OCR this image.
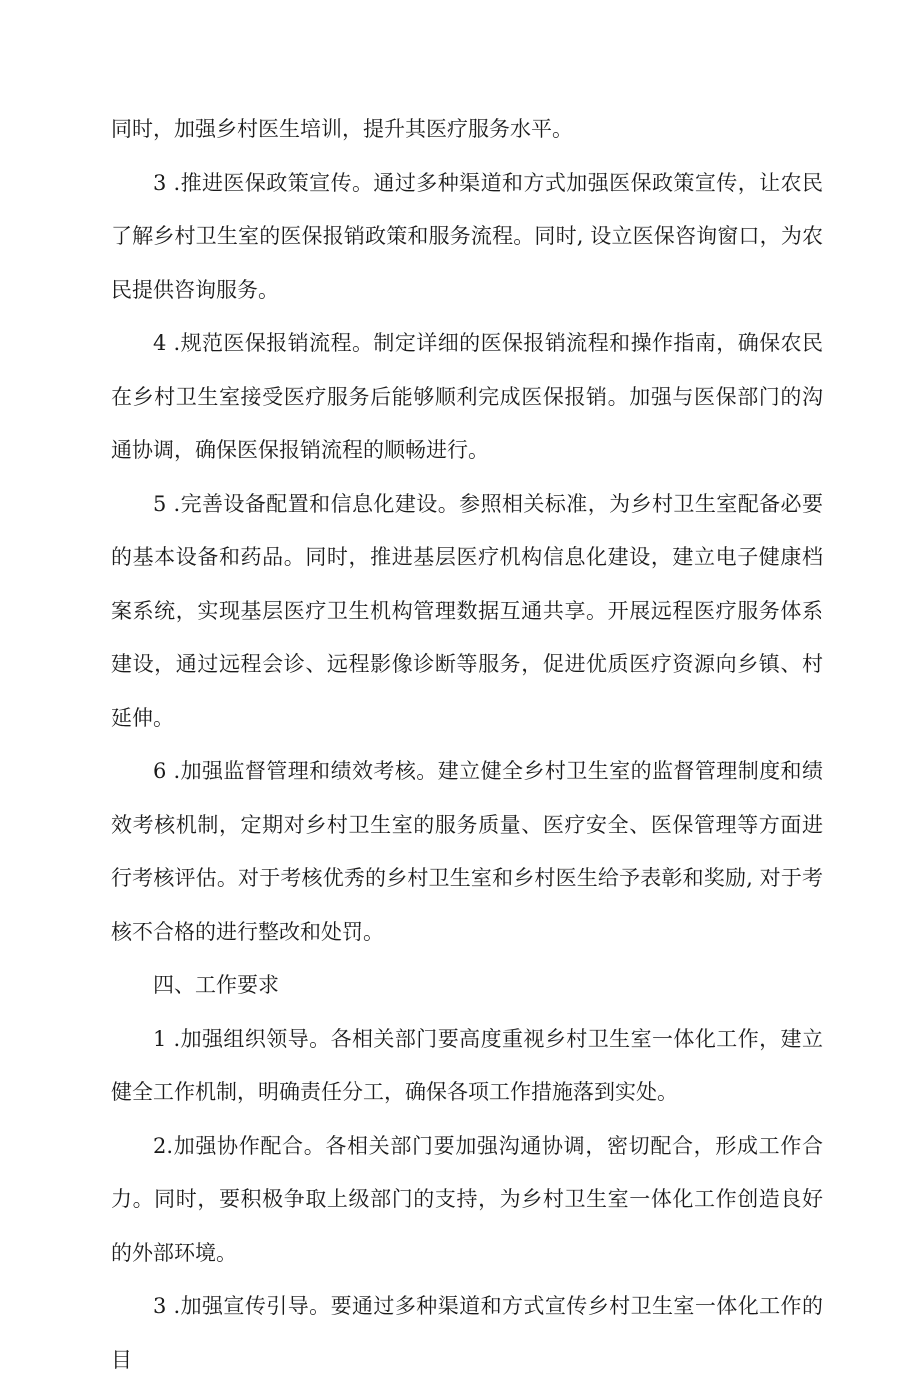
同时，加强乡村医生培训，提升其医疗服务水平。

3 .推进医保政策宣传。通过多种渠道和方式加强医保政策宣传，让农民了解乡村卫生室的医保报销政策和服务流程。同时, 设立医保咨询窗口，为农民提供咨询服务。

4 .规范医保报销流程。制定详细的医保报销流程和操作指南，确保农民在乡村卫生室接受医疗服务后能够顺利完成医保报销。加强与医保部门的沟通协调，确保医保报销流程的顺畅进行。

5 .完善设备配置和信息化建设。参照相关标准，为乡村卫生室配备必要的基本设备和药品。同时，推进基层医疗机构信息化建设，建立电子健康档案系统，实现基层医疗卫生机构管理数据互通共享。开展远程医疗服务体系建设，通过远程会诊、远程影像诊断等服务，促进优质医疗资源向乡镇、村延伸。

6 .加强监督管理和绩效考核。建立健全乡村卫生室的监督管理制度和绩效考核机制，定期对乡村卫生室的服务质量、医疗安全、医保管理等方面进行考核评估。对于考核优秀的乡村卫生室和乡村医生给予表彰和奖励, 对于考核不合格的进行整改和处罚。

四、工作要求

1 .加强组织领导。各相关部门要高度重视乡村卫生室一体化工作，建立健全工作机制，明确责任分工，确保各项工作措施落到实处。

2.加强协作配合。各相关部门要加强沟通协调，密切配合，形成工作合力。同时，要积极争取上级部门的支持，为乡村卫生室一体化工作创造良好的外部环境。

3 .加强宣传引导。要通过多种渠道和方式宣传乡村卫生室一体化工作的目
